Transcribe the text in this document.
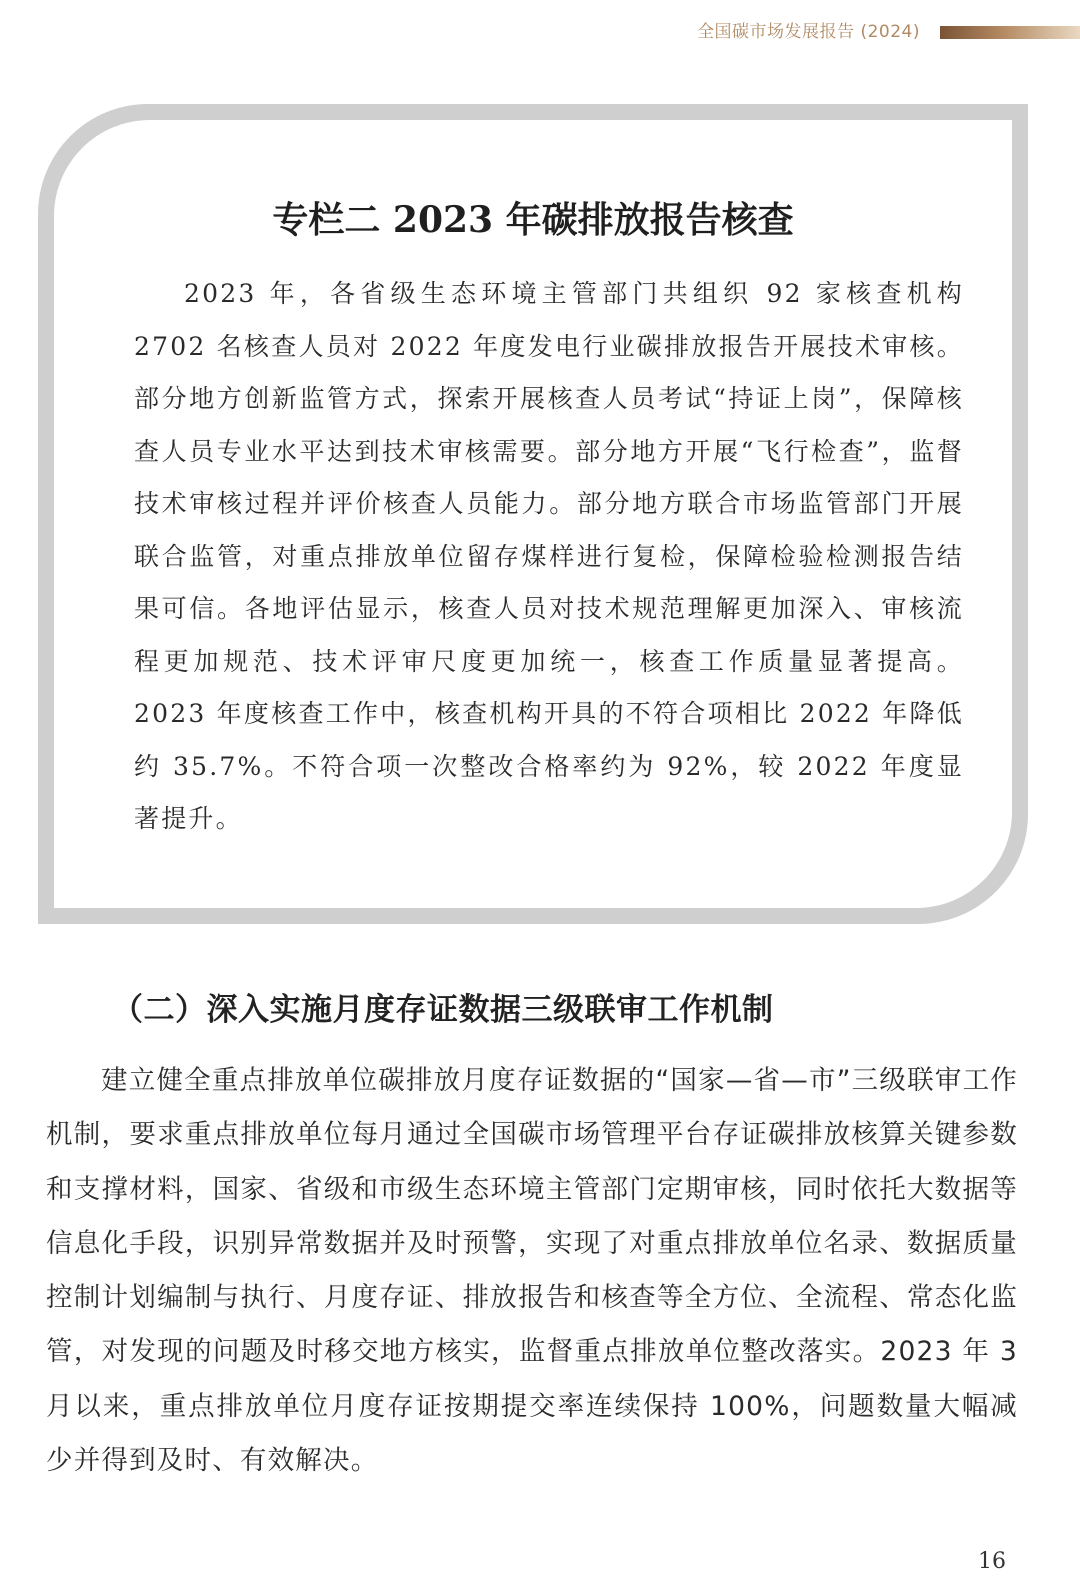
全国碳市场发展报告 (2024)
专栏二 2023 年碳排放报告核查

2023 年，各省级生态环境主管部门共组织 92 家核查机构 2702 名核查人员对 2022 年度发电行业碳排放报告开展技术审核。部分地方创新监管方式，探索开展核查人员考试“持证上岗”，保障核查人员专业水平达到技术审核需要。部分地方开展“飞行检查”，监督技术审核过程并评价核查人员能力。部分地方联合市场监管部门开展联合监管，对重点排放单位留存煤样进行复检，保障检验检测报告结果可信。各地评估显示，核查人员对技术规范理解更加深入、审核流程更加规范、技术评审尺度更加统一，核查工作质量显著提高。2023 年度核查工作中，核查机构开具的不符合项相比 2022 年降低约 35.7%。不符合项一次整改合格率约为 92%，较 2022 年度显著提升。

（二）深入实施月度存证数据三级联审工作机制

建立健全重点排放单位碳排放月度存证数据的“国家—省—市”三级联审工作机制，要求重点排放单位每月通过全国碳市场管理平台存证碳排放核算关键参数和支撑材料，国家、省级和市级生态环境主管部门定期审核，同时依托大数据等信息化手段，识别异常数据并及时预警，实现了对重点排放单位名录、数据质量控制计划编制与执行、月度存证、排放报告和核查等全方位、全流程、常态化监管，对发现的问题及时移交地方核实，监督重点排放单位整改落实。2023 年 3 月以来，重点排放单位月度存证按期提交率连续保持 100%，问题数量大幅减少并得到及时、有效解决。

16
